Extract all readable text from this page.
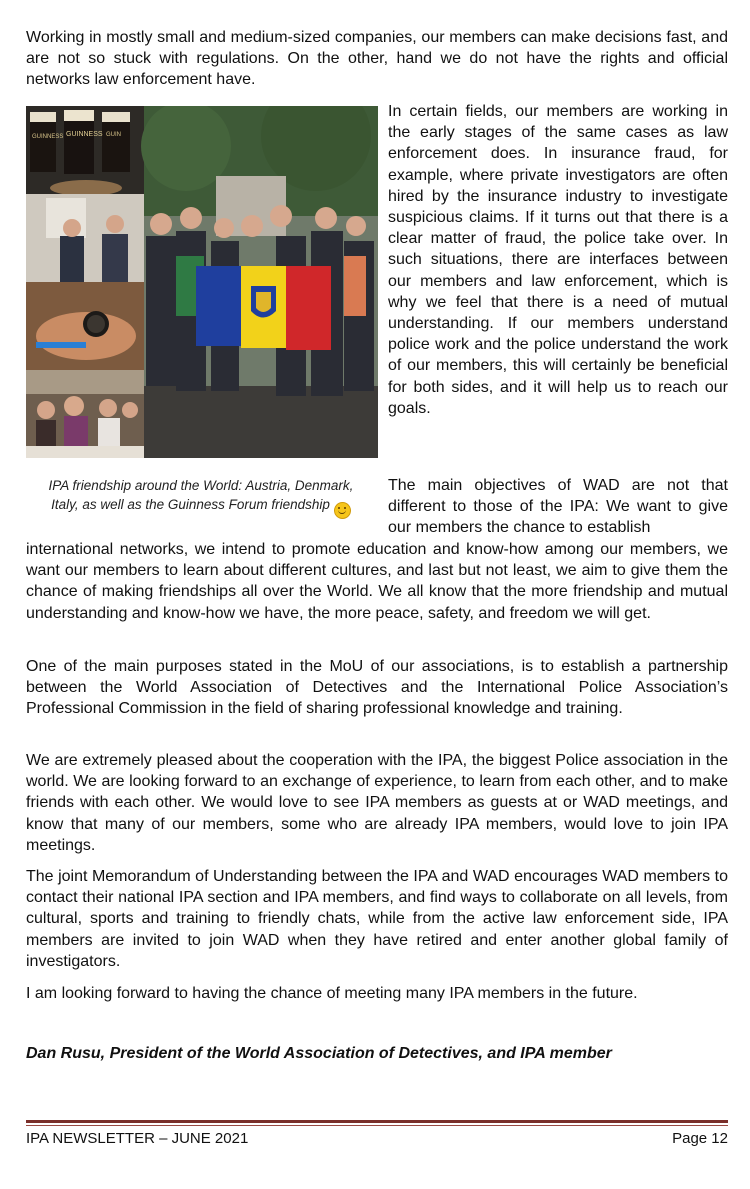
Working in mostly small and medium-sized companies, our members can make decisions fast, and are not so stuck with regulations. On the other, hand we do not have the rights and official networks law enforcement have.

GUINNESS GUINNESS GUIN

In certain fields, our members are working in the early stages of the same cases as law enforcement does. In insurance fraud, for example, where private investigators are often hired by the insurance industry to investigate suspicious claims. If it turns out that there is a clear matter of fraud, the police take over. In such situations, there are interfaces between our members and law enforcement, which is why we feel that there is a need of mutual understanding. If our members understand police work and the police understand the work of our members, this will certainly be beneficial for both sides, and it will help us to reach our goals.

IPA friendship around the World: Austria, Denmark, Italy, as well as the Guinness Forum friendship

The main objectives of WAD are not that different to those of the IPA: We want to give our members the chance to establish

international networks, we intend to promote education and know-how among our members, we want our members to learn about different cultures, and last but not least, we aim to give them the chance of making friendships all over the World. We all know that the more friendship and mutual understanding and know-how we have, the more peace, safety, and freedom we will get.

One of the main purposes stated in the MoU of our associations, is to establish a partnership between the World Association of Detectives and the International Police Association’s Professional Commission in the field of sharing professional knowledge and training.

We are extremely pleased about the cooperation with the IPA, the biggest Police association in the world. We are looking forward to an exchange of experience, to learn from each other, and to make friends with each other. We would love to see IPA members as guests at or WAD meetings, and know that many of our members, some who are already IPA members, would love to join IPA meetings.

The joint Memorandum of Understanding between the IPA and WAD encourages WAD members to contact their national IPA section and IPA members, and find ways to collaborate on all levels, from cultural, sports and training to friendly chats, while from the active law enforcement side, IPA members are invited to join WAD when they have retired and enter another global family of investigators.

I am looking forward to having the chance of meeting many IPA members in the future.

Dan Rusu, President of the World Association of Detectives, and IPA member

IPA NEWSLETTER – JUNE 2021	Page 12
